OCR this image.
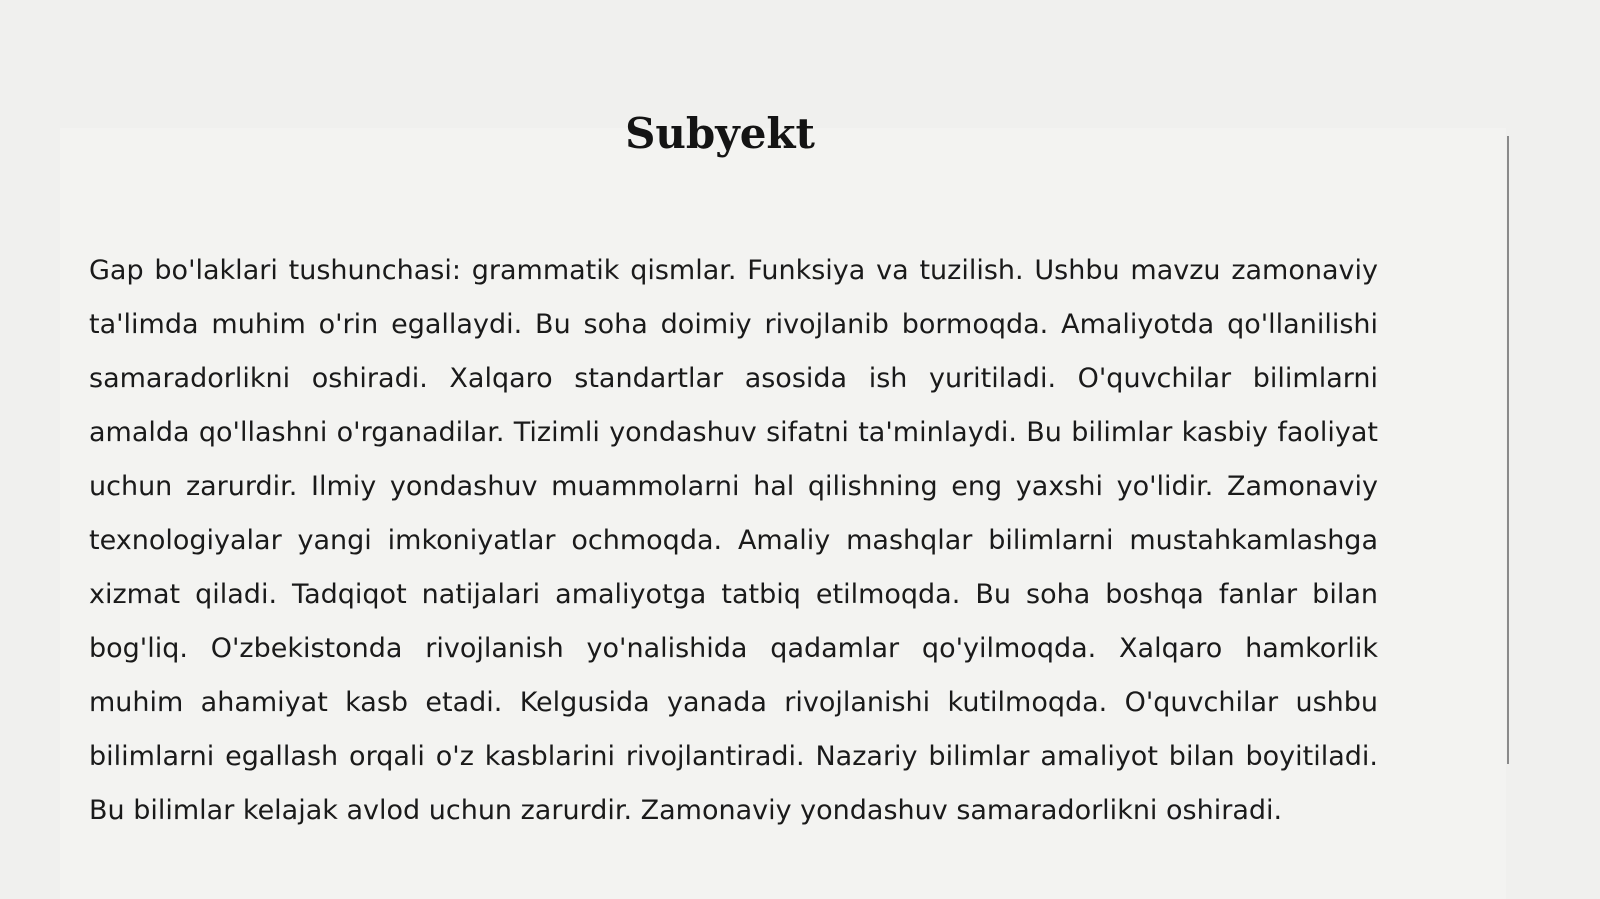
Subyekt

Gap bo'laklari tushunchasi: grammatik qismlar. Funksiya va tuzilish. Ushbu mavzu zamonaviy ta'limda muhim o'rin egallaydi. Bu soha doimiy rivojlanib bormoqda. Amaliyotda qo'llanilishi samaradorlikni oshiradi. Xalqaro standartlar asosida ish yuritiladi. O'quvchilar bilimlarni amalda qo'llashni o'rganadilar. Tizimli yondashuv sifatni ta'minlaydi. Bu bilimlar kasbiy faoliyat uchun zarurdir. Ilmiy yondashuv muammolarni hal qilishning eng yaxshi yo'lidir. Zamonaviy texnologiyalar yangi imkoniyatlar ochmoqda. Amaliy mashqlar bilimlarni mustahkamlashga xizmat qiladi. Tadqiqot natijalari amaliyotga tatbiq etilmoqda. Bu soha boshqa fanlar bilan bog'liq. O'zbekistonda rivojlanish yo'nalishida qadamlar qo'yilmoqda. Xalqaro hamkorlik muhim ahamiyat kasb etadi. Kelgusida yanada rivojlanishi kutilmoqda. O'quvchilar ushbu bilimlarni egallash orqali o'z kasblarini rivojlantiradi. Nazariy bilimlar amaliyot bilan boyitiladi. Bu bilimlar kelajak avlod uchun zarurdir. Zamonaviy yondashuv samaradorlikni oshiradi.
